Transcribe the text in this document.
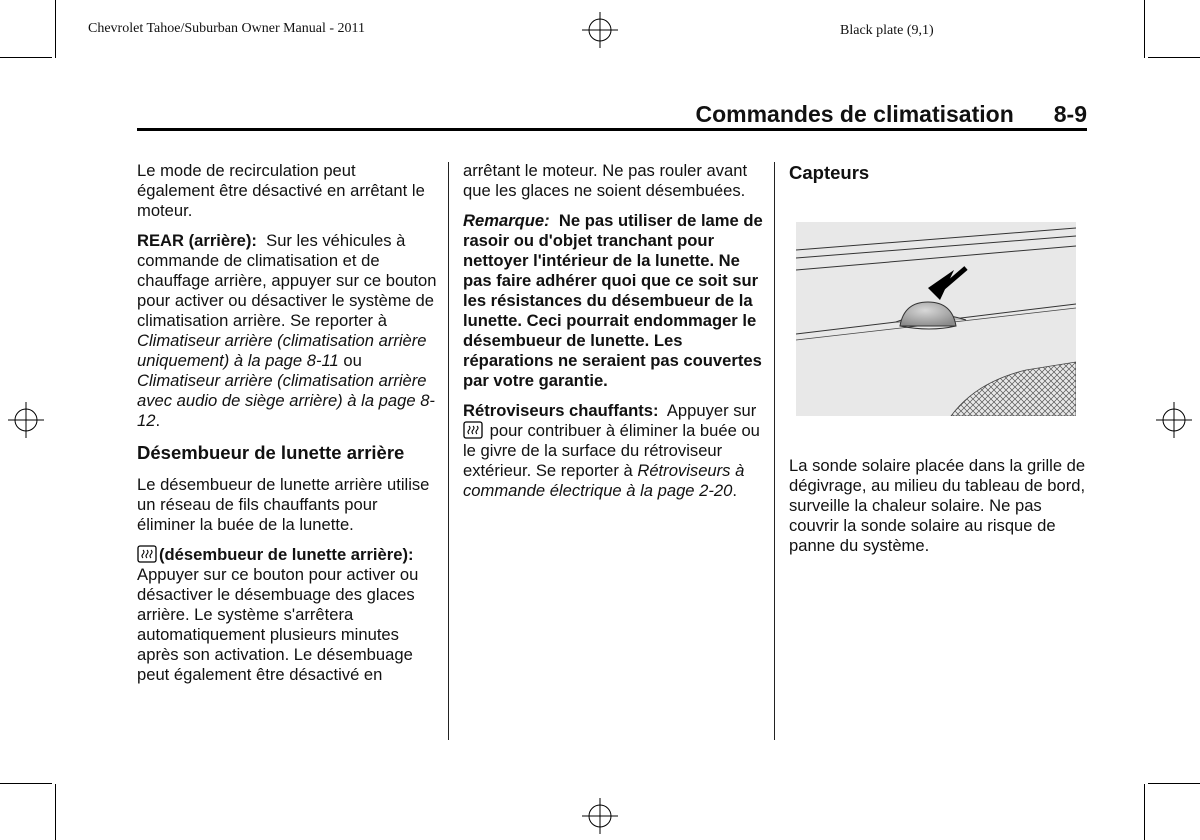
Chevrolet Tahoe/Suburban Owner Manual - 2011	Black plate (9,1)
Commandes de climatisation 8-9

Le mode de recirculation peut également être désactivé en arrêtant le moteur.

REAR (arrière): Sur les véhicules à commande de climatisation et de chauffage arrière, appuyer sur ce bouton pour activer ou désactiver le système de climatisation arrière. Se reporter à Climatiseur arrière (climatisation arrière uniquement) à la page 8-11 ou Climatiseur arrière (climatisation arrière avec audio de siège arrière) à la page 8-12.

Désembueur de lunette arrière

Le désembueur de lunette arrière utilise un réseau de fils chauffants pour éliminer la buée de la lunette.

(désembueur de lunette arrière):  Appuyer sur ce bouton pour activer ou désactiver le désembuage des glaces arrière. Le système s'arrêtera automatiquement plusieurs minutes après son activation. Le désembuage peut également être désactivé en

arrêtant le moteur. Ne pas rouler avant que les glaces ne soient désembuées.

Remarque: Ne pas utiliser de lame de rasoir ou d'objet tranchant pour nettoyer l'intérieur de la lunette. Ne pas faire adhérer quoi que ce soit sur les résistances du désembueur de la lunette. Ceci pourrait endommager le désembueur de lunette. Les réparations ne seraient pas couvertes par votre garantie.

Rétroviseurs chauffants: Appuyer sur  pour contribuer à éliminer la buée ou le givre de la surface du rétroviseur extérieur. Se reporter à Rétroviseurs à commande électrique à la page 2-20.

Capteurs

La sonde solaire placée dans la grille de dégivrage, au milieu du tableau de bord, surveille la chaleur solaire. Ne pas couvrir la sonde solaire au risque de panne du système.
